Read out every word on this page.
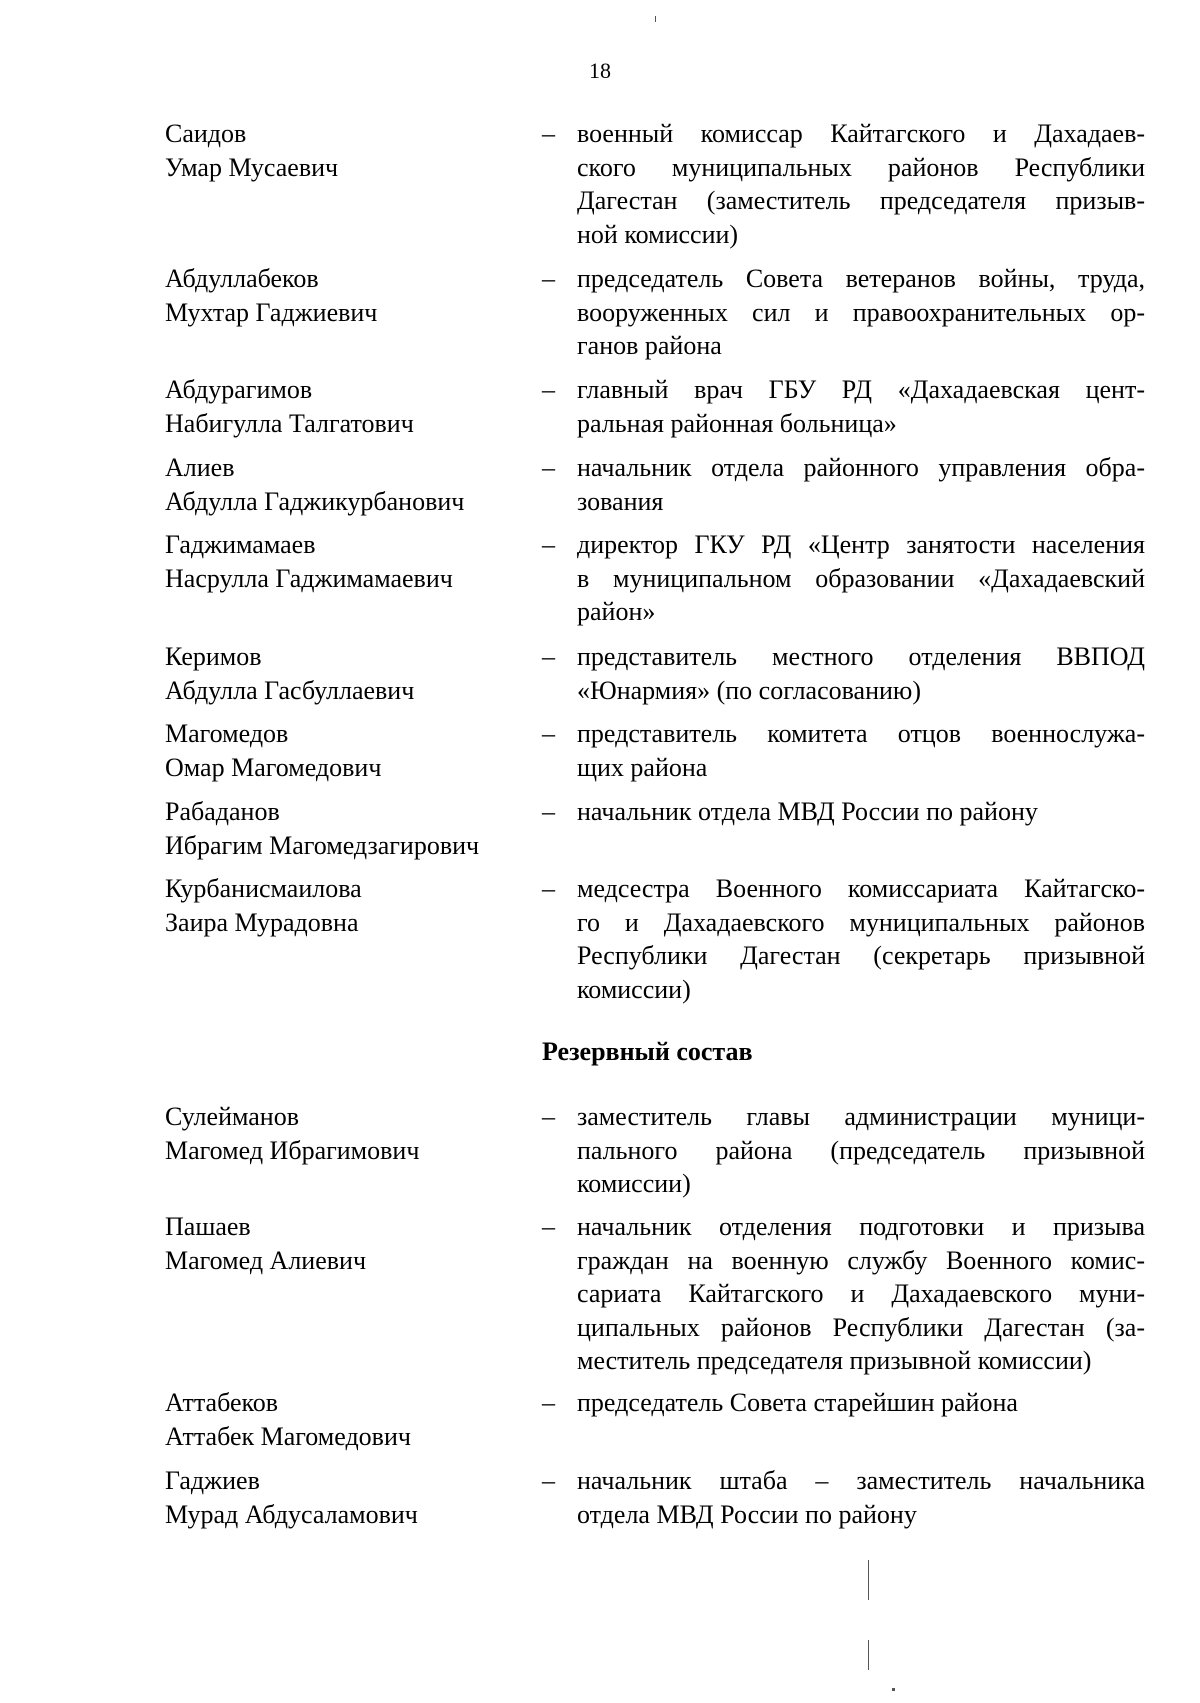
18
Саидов
Умар Мусаевич
– военный комиссар Кайтагского и Дахадаев-
ского муниципальных районов Республики
Дагестан (заместитель председателя призыв-
ной комиссии)
Абдуллабеков
Мухтар Гаджиевич
– председатель Совета ветеранов войны, труда,
вооруженных сил и правоохранительных ор-
ганов района
Абдурагимов
Набигулла Талгатович
– главный врач ГБУ РД «Дахадаевская цент-
ральная районная больница»
Алиев
Абдулла Гаджикурбанович
– начальник отдела районного управления обра-
зования
Гаджимамаев
Насрулла Гаджимамаевич
– директор ГКУ РД «Центр занятости населения
в муниципальном образовании «Дахадаевский
район»
Керимов
Абдулла Гасбуллаевич
– представитель местного отделения ВВПОД
«Юнармия» (по согласованию)
Магомедов
Омар Магомедович
– представитель комитета отцов военнослужа-
щих района
Рабаданов
Ибрагим Магомедзагирович
– начальник отдела МВД России по району
Курбанисмаилова
Заира Мурадовна
– медсестра Военного комиссариата Кайтагско-
го и Дахадаевского муниципальных районов
Республики Дагестан (секретарь призывной
комиссии)
Сулейманов
Магомед Ибрагимович
– заместитель главы администрации муници-
пального района (председатель призывной
комиссии)
Пашаев
Магомед Алиевич
– начальник отделения подготовки и призыва
граждан на военную службу Военного комис-
сариата Кайтагского и Дахадаевского муни-
ципальных районов Республики Дагестан (за-
меститель председателя призывной комиссии)
Аттабеков
Аттабек Магомедович
– председатель Совета старейшин района
Гаджиев
Мурад Абдусаламович
– начальник штаба – заместитель начальника
отдела МВД России по району
Резервный состав
